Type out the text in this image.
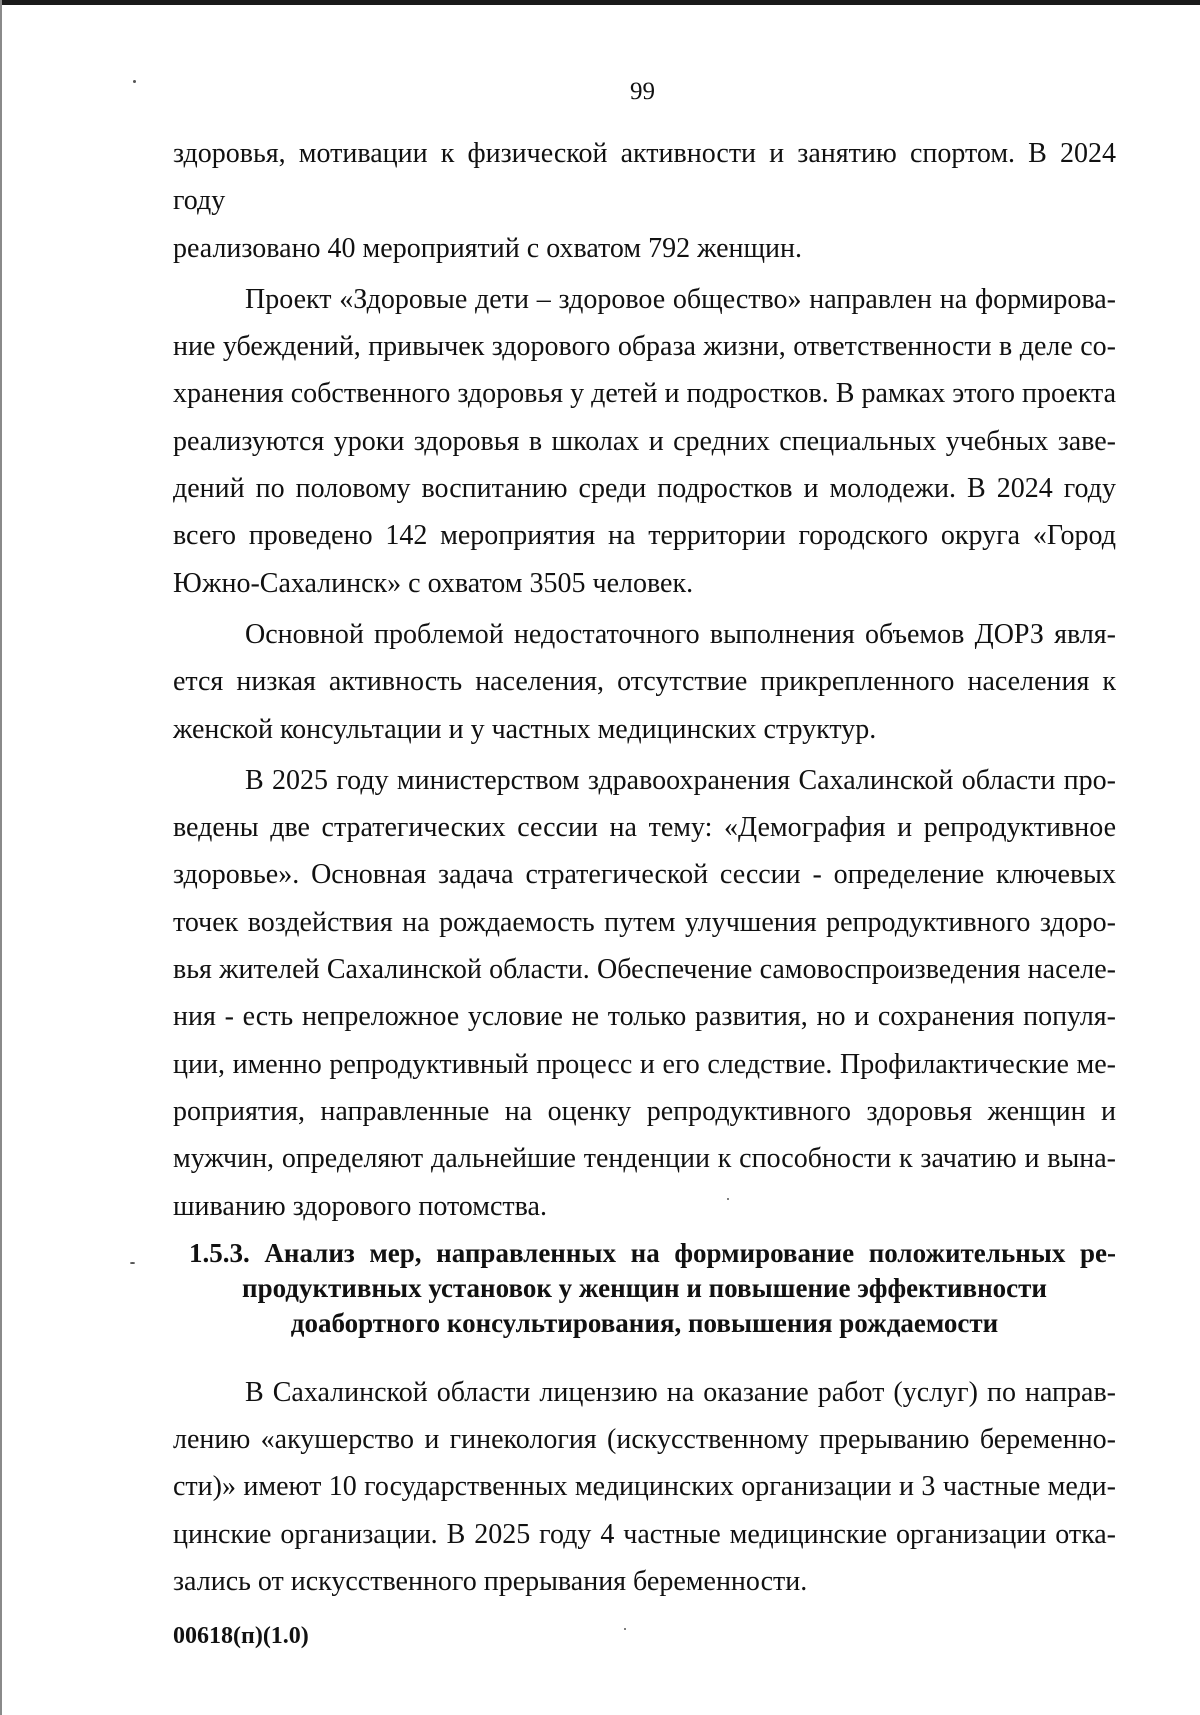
99

здоровья, мотивации к физической активности и занятию спортом. В 2024 году
реализовано 40 мероприятий с охватом 792 женщин.

Проект «Здоровые дети – здоровое общество» направлен на формирова-
ние убеждений, привычек здорового образа жизни, ответственности в деле со-
хранения собственного здоровья у детей и подростков. В рамках этого проекта
реализуются уроки здоровья в школах и средних специальных учебных заве-
дений по половому воспитанию среди подростков и молодежи. В 2024 году
всего проведено 142 мероприятия на территории городского округа «Город
Южно-Сахалинск» с охватом 3505 человек.

Основной проблемой недостаточного выполнения объемов ДОРЗ явля-
ется низкая активность населения, отсутствие прикрепленного населения к
женской консультации и у частных медицинских структур.

В 2025 году министерством здравоохранения Сахалинской области про-
ведены две стратегических сессии на тему: «Демография и репродуктивное
здоровье». Основная задача стратегической сессии - определение ключевых
точек воздействия на рождаемость путем улучшения репродуктивного здоро-
вья жителей Сахалинской области. Обеспечение самовоспроизведения населе-
ния - есть непреложное условие не только развития, но и сохранения популя-
ции, именно репродуктивный процесс и его следствие. Профилактические ме-
роприятия, направленные на оценку репродуктивного здоровья женщин и
мужчин, определяют дальнейшие тенденции к способности к зачатию и вына-
шиванию здорового потомства.

1.5.3. Анализ мер, направленных на формирование положительных ре-
продуктивных установок у женщин и повышение эффективности
доабортного консультирования, повышения рождаемости

В Сахалинской области лицензию на оказание работ (услуг) по направ-
лению «акушерство и гинекология (искусственному прерыванию беременно-
сти)» имеют 10 государственных медицинских организации и 3 частные меди-
цинские организации. В 2025 году 4 частные медицинские организации отка-
зались от искусственного прерывания беременности.

00618(п)(1.0)
